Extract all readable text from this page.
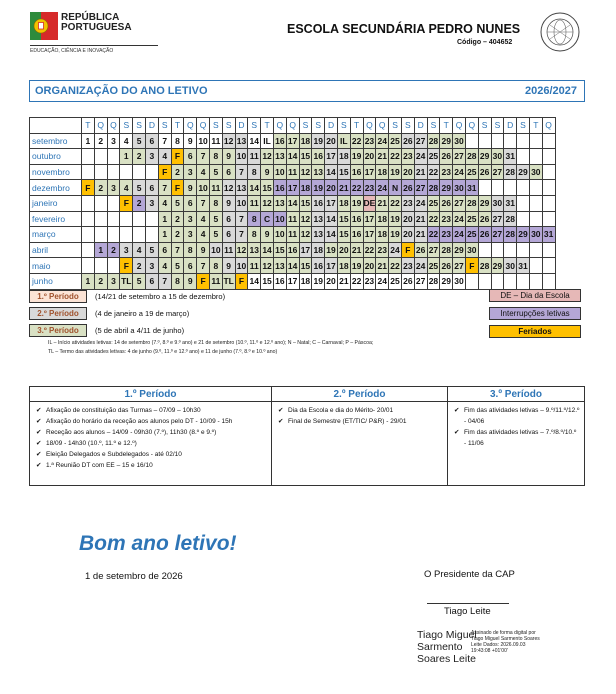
REPÚBLICA
PORTUGUESA
EDUCAÇÃO, CIÊNCIA E INOVAÇÃO
ESCOLA SECUNDÁRIA PEDRO NUNES
Código – 404652
ORGANIZAÇÃO DO ANO LETIVO	2026/2027
	T	Q	Q	S	S	D	S	T	Q	Q	S	S	D	S	T	Q	Q	S	S	D	S	T	Q	Q	S	S	D	S	T	Q	Q	S	S	D	S	T	Q
setembro	1	2	3	4	5	6	7	8	9	10	11	12	13	14	IL	16	17	18	19	20	IL	22	23	24	25	26	27	28	29	30							
outubro				1	2	3	4	F	6	7	8	9	10	11	12	13	14	15	16	17	18	19	20	21	22	23	24	25	26	27	28	29	30	31			
novembro							F	2	3	4	5	6	7	8	9	10	11	12	13	14	15	16	17	18	19	20	21	22	23	24	25	26	27	28	29	30	
dezembro	F	2	3	4	5	6	7	F	9	10	11	12	13	14	15	16	17	18	19	20	21	22	23	24	N	26	27	28	29	30	31						
janeiro				F	2	3	4	5	6	7	8	9	10	11	12	13	14	15	16	17	18	19	DE	21	22	23	24	25	26	27	28	29	30	31			
fevereiro							1	2	3	4	5	6	7	8	C	10	11	12	13	14	15	16	17	18	19	20	21	22	23	24	25	26	27	28			
março							1	2	3	4	5	6	7	8	9	10	11	12	13	14	15	16	17	18	19	20	21	22	23	24	25	26	27	28	29	30	31
abril		1	2	3	4	5	6	7	8	9	10	11	12	13	14	15	16	17	18	19	20	21	22	23	24	F	26	27	28	29	30						
maio				F	2	3	4	5	6	7	8	9	10	11	12	13	14	15	16	17	18	19	20	21	22	23	24	25	26	27	F	28	29	30	31		
junho	1	2	3	TL	5	6	7	8	9	F	11	TL	F	14	15	16	17	18	19	20	21	22	23	24	25	26	27	28	29	30							
1.º Período	(14/21 de setembro a 15 de dezembro)
2.º Período	(4 de janeiro a 19 de março)
3.º Período	(5 de abril a 4/11 de junho)
DE – Dia da Escola
Interrupções letivas
Feriados
IL – Início atividades letivas: 14 de setembro (7.º, 8.º e 9.º ano) e 21 de setembro (10.º, 11.º e 12.º ano); N – Natal; C – Carnaval; P – Páscoa;
TL – Termo das atividades letivas: 4 de junho (9.º, 11.º e 12.º ano) e 11 de junho (7.º, 8.º e 10.º ano)
1.º Período
✔ Afixação de constituição das Turmas – 07/09 – 10h30
✔ Afixação do horário da receção aos alunos pelo DT - 10/09 - 15h
✔ Receção aos alunos – 14/09 - 09h30 (7.º), 11h30 (8.º e 9.º)
✔ 18/09 - 14h30 (10.º, 11.º e 12.º)
✔ Eleição Delegados e Subdelegados - até 02/10
✔ 1.ª Reunião DT com EE – 15 e 16/10
2.º Período
✔ Dia da Escola e dia do Mérito- 20/01
✔ Final de Semestre (ET/TIC/ P&R) - 29/01
3.º Período
✔ Fim das atividades letivas – 9.º/11.º/12.º - 04/06
✔ Fim das atividades letivas – 7.º/8.º/10.º - 11/06
Bom ano letivo!
1 de setembro de 2026	O Presidente da CAP
Tiago Leite
Tiago Miguel Sarmento Soares Leite
Assinado de forma digital por Tiago Miguel Sarmento Soares Leite Dados: 2026.09.03 19:43:08 +01'00'
